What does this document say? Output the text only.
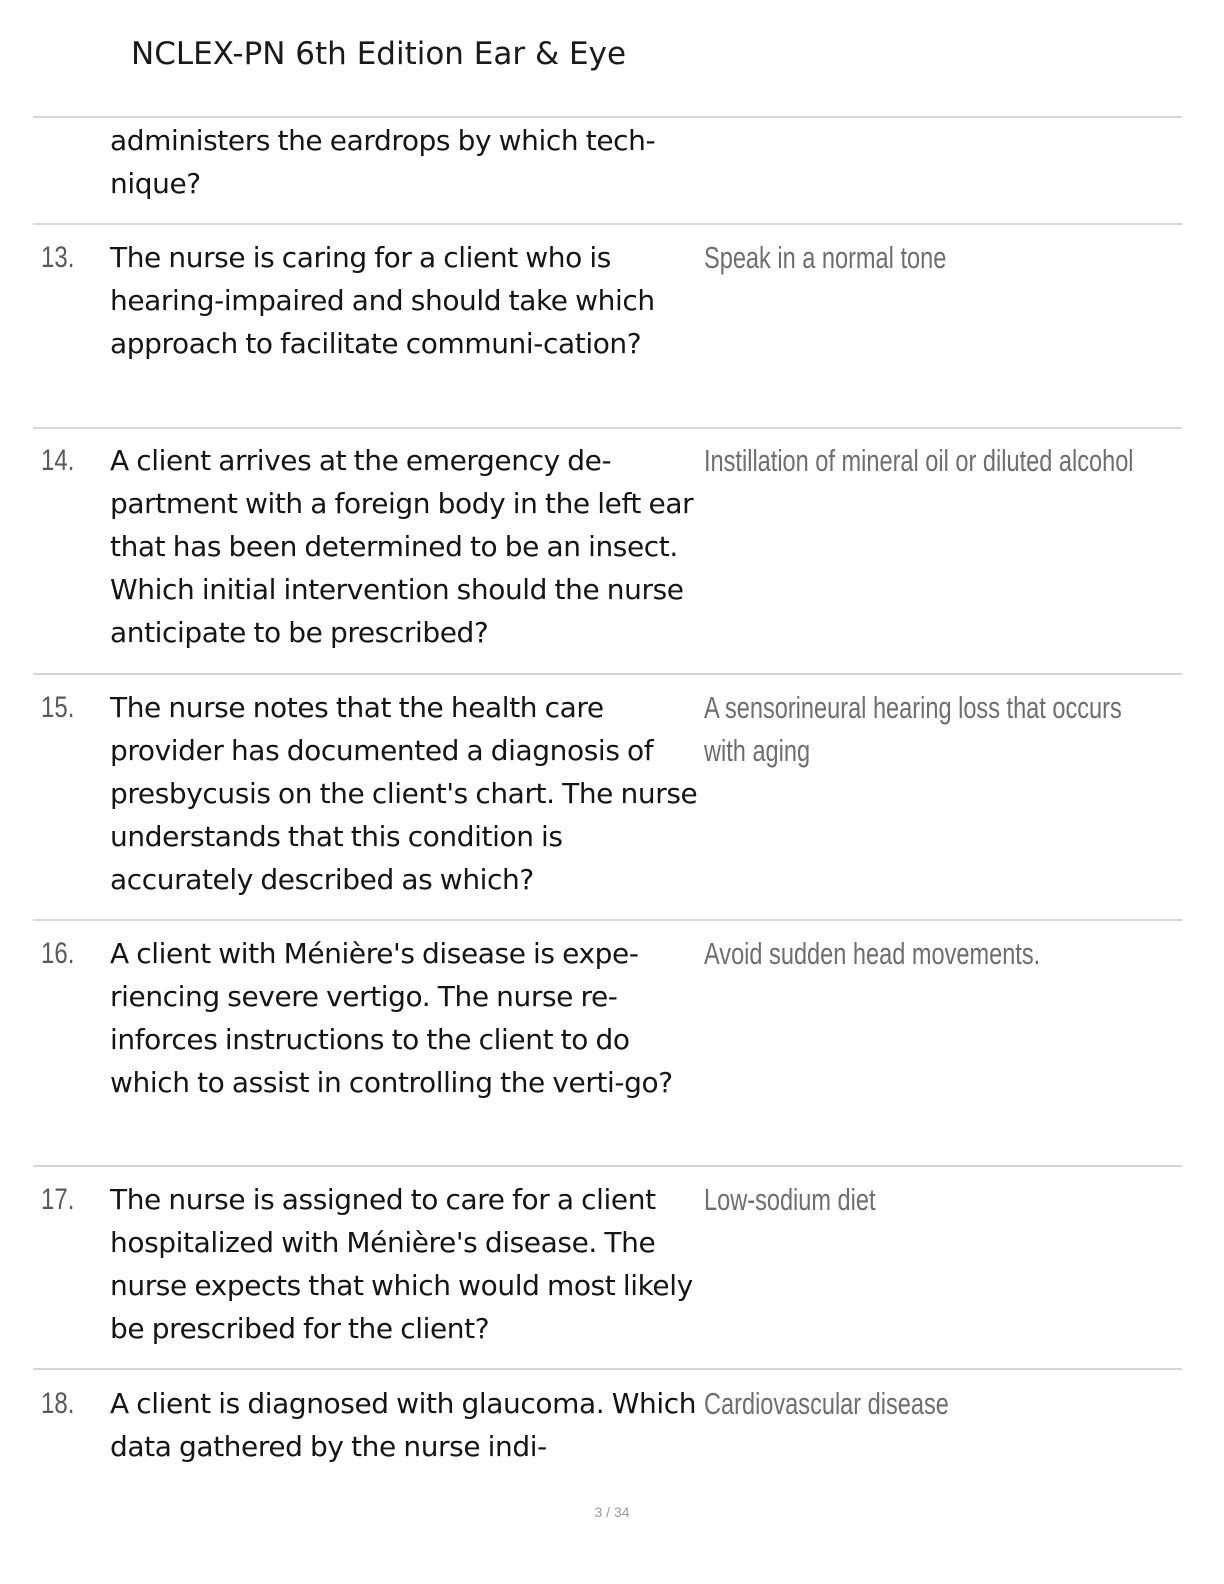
NCLEX-PN 6th Edition Ear & Eye

administers the eardrops by which tech-nique?

13. The nurse is caring for a client who is hearing-impaired and should take which approach to facilitate communi-cation?

Speak in a normal tone

14. A client arrives at the emergency de-partment with a foreign body in the left ear that has been determined to be an insect. Which initial intervention should the nurse anticipate to be prescribed?

Instillation of mineral oil or diluted alcohol

15. The nurse notes that the health care provider has documented a diagnosis of presbycusis on the client's chart. The nurse understands that this condition is accurately described as which?

A sensorineural hearing loss that occurs with aging

16. A client with Ménière's disease is expe-riencing severe vertigo. The nurse re-inforces instructions to the client to do which to assist in controlling the verti-go?

Avoid sudden head movements.

17. The nurse is assigned to care for a client hospitalized with Ménière's disease. The nurse expects that which would most likely be prescribed for the client?

Low-sodium diet

18. A client is diagnosed with glaucoma. Which data gathered by the nurse indi-

Cardiovascular disease

3 / 34
